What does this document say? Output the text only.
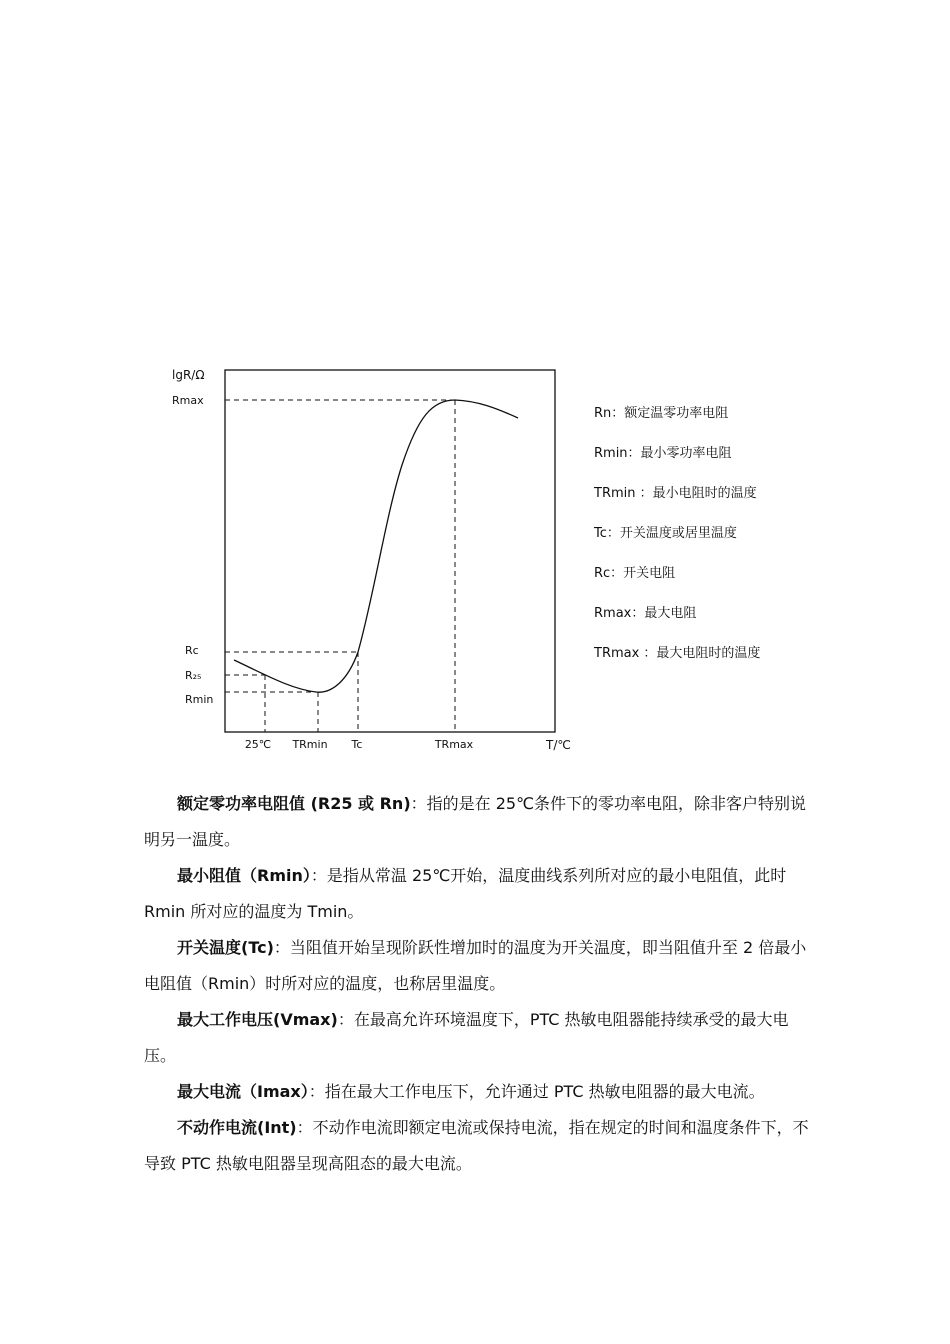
lgR/Ω
T/℃
Rmax
Rc
R₂₅
Rmin
25℃ TRmin Tc	TRmax
Rn：额定温零功率电阻
Rmin：最小零功率电阻
TRmin ：最小电阻时的温度
Tc：开关温度或居里温度
Rc：开关电阻
Rmax：最大电阻
TRmax ：最大电阻时的温度

额定零功率电阻值 (R25 或 Rn)：指的是在 25℃条件下的零功率电阻，除非客户特别说明另一温度。

最小阻值（Rmin）：是指从常温 25℃开始，温度曲线系列所对应的最小电阻值，此时 Rmin 所对应的温度为 Tmin。

开关温度(Tc)：当阻值开始呈现阶跃性增加时的温度为开关温度，即当阻值升至 2 倍最小电阻值（Rmin）时所对应的温度，也称居里温度。

最大工作电压(Vmax)：在最高允许环境温度下，PTC 热敏电阻器能持续承受的最大电压。

最大电流（Imax）：指在最大工作电压下，允许通过 PTC 热敏电阻器的最大电流。

不动作电流(Int)：不动作电流即额定电流或保持电流，指在规定的时间和温度条件下，不导致 PTC 热敏电阻器呈现高阻态的最大电流。
